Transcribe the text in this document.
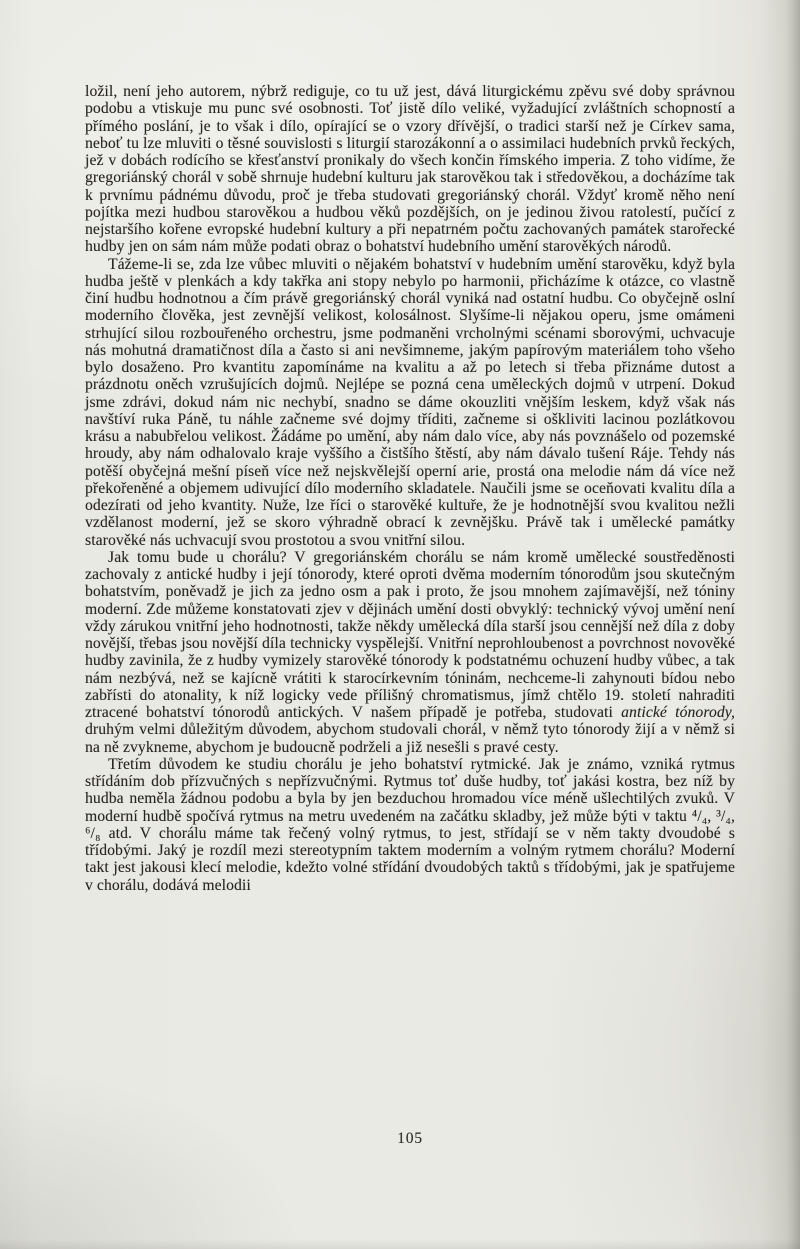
ložil, není jeho autorem, nýbrž rediguje, co tu už jest, dává liturgickému zpěvu své doby správnou podobu a vtiskuje mu punc své osobnosti. Toť jistě dílo veliké, vyžadující zvláštních schopností a přímého poslání, je to však i dílo, opírající se o vzory dřívější, o tradici starší než je Církev sama, neboť tu lze mluviti o těsné souvislosti s liturgií starozákonní a o assimilaci hudebních prvků řeckých, jež v dobách rodícího se křesťanství pronikaly do všech končin římského imperia. Z toho vidíme, že gregoriánský chorál v sobě shrnuje hudební kulturu jak starověkou tak i středověkou, a docházíme tak k prvnímu pádnému důvodu, proč je třeba studovati gregoriánský chorál. Vždyť kromě něho není pojítka mezi hudbou starověkou a hudbou věků pozdějších, on je jedinou živou ratolestí, pučící z nejstaršího kořene evropské hudební kultury a při nepatrném počtu zachovaných památek starořecké hudby jen on sám nám může podati obraz o bohatství hudebního umění starověkých národů.

Tážeme-li se, zda lze vůbec mluviti o nějakém bohatství v hudebním umění starověku, když byla hudba ještě v plenkách a kdy takřka ani stopy nebylo po harmonii, přicházíme k otázce, co vlastně činí hudbu hodnotnou a čím právě gregoriánský chorál vyniká nad ostatní hudbu. Co obyčejně oslní moderního člověka, jest zevnější velikost, kolosálnost. Slyšíme-li nějakou operu, jsme omámeni strhující silou rozbouřeného orchestru, jsme podmaněni vrcholnými scénami sborovými, uchvacuje nás mohutná dramatičnost díla a často si ani nevšimneme, jakým papírovým materiálem toho všeho bylo dosaženo. Pro kvantitu zapomínáme na kvalitu a až po letech si třeba přiznáme dutost a prázdnotu oněch vzrušujících dojmů. Nejlépe se pozná cena uměleckých dojmů v utrpení. Dokud jsme zdrávi, dokud nám nic nechybí, snadno se dáme okouzliti vnějším leskem, když však nás navštíví ruka Páně, tu náhle začneme své dojmy tříditi, začneme si oškliviti lacinou pozlátkovou krásu a nabubřelou velikost. Žádáme po umění, aby nám dalo více, aby nás povznášelo od pozemské hroudy, aby nám odhalovalo kraje vyššího a čistšího štěstí, aby nám dávalo tušení Ráje. Tehdy nás potěší obyčejná mešní píseň více než nejskvělejší operní arie, prostá ona melodie nám dá více než překořeněné a objemem udivující dílo moderního skladatele. Naučili jsme se oceňovati kvalitu díla a odezírati od jeho kvantity. Nuže, lze říci o starověké kultuře, že je hodnotnější svou kvalitou nežli vzdělanost moderní, jež se skoro výhradně obrací k zevnějšku. Právě tak i umělecké památky starověké nás uchvacují svou prostotou a svou vnitřní silou.

Jak tomu bude u chorálu? V gregoriánském chorálu se nám kromě umělecké soustředěnosti zachovaly z antické hudby i její tónorody, které oproti dvěma moderním tónorodům jsou skutečným bohatstvím, poněvadž je jich za jedno osm a pak i proto, že jsou mnohem zajímavější, než tóniny moderní. Zde můžeme konstatovati zjev v dějinách umění dosti obvyklý: technický vývoj umění není vždy zárukou vnitřní jeho hodnotnosti, takže někdy umělecká díla starší jsou cennější než díla z doby novější, třebas jsou novější díla technicky vyspělejší. Vnitřní neprohloubenost a povrchnost novověké hudby zavinila, že z hudby vymizely starověké tónorody k podstatnému ochuzení hudby vůbec, a tak nám nezbývá, než se kajícně vrátiti k starocírkevním tóninám, nechceme-li zahynouti bídou nebo zabřísti do atonality, k níž logicky vede přílišný chromatismus, jímž chtělo 19. století nahraditi ztracené bohatství tónorodů antických. V našem případě je potřeba, studovati antické tónorody, druhým velmi důležitým důvodem, abychom studovali chorál, v němž tyto tónorody žijí a v němž si na ně zvykneme, abychom je budoucně podrželi a již nesešli s pravé cesty.

Třetím důvodem ke studiu chorálu je jeho bohatství rytmické. Jak je známo, vzniká rytmus střídáním dob přízvučných s nepřízvučnými. Rytmus toť duše hudby, toť jakási kostra, bez níž by hudba neměla žádnou podobu a byla by jen bezduchou hromadou více méně ušlechtilých zvuků. V moderní hudbě spočívá rytmus na metru uvedeném na začátku skladby, jež může býti v taktu ⁴/₄, ³/₄, ⁶/₈ atd. V chorálu máme tak řečený volný rytmus, to jest, střídají se v něm takty dvoudobé s třídobými. Jaký je rozdíl mezi stereotypním taktem moderním a volným rytmem chorálu? Moderní takt jest jakousi klecí melodie, kdežto volné střídání dvoudobých taktů s třídobými, jak je spatřujeme v chorálu, dodává melodii

105
